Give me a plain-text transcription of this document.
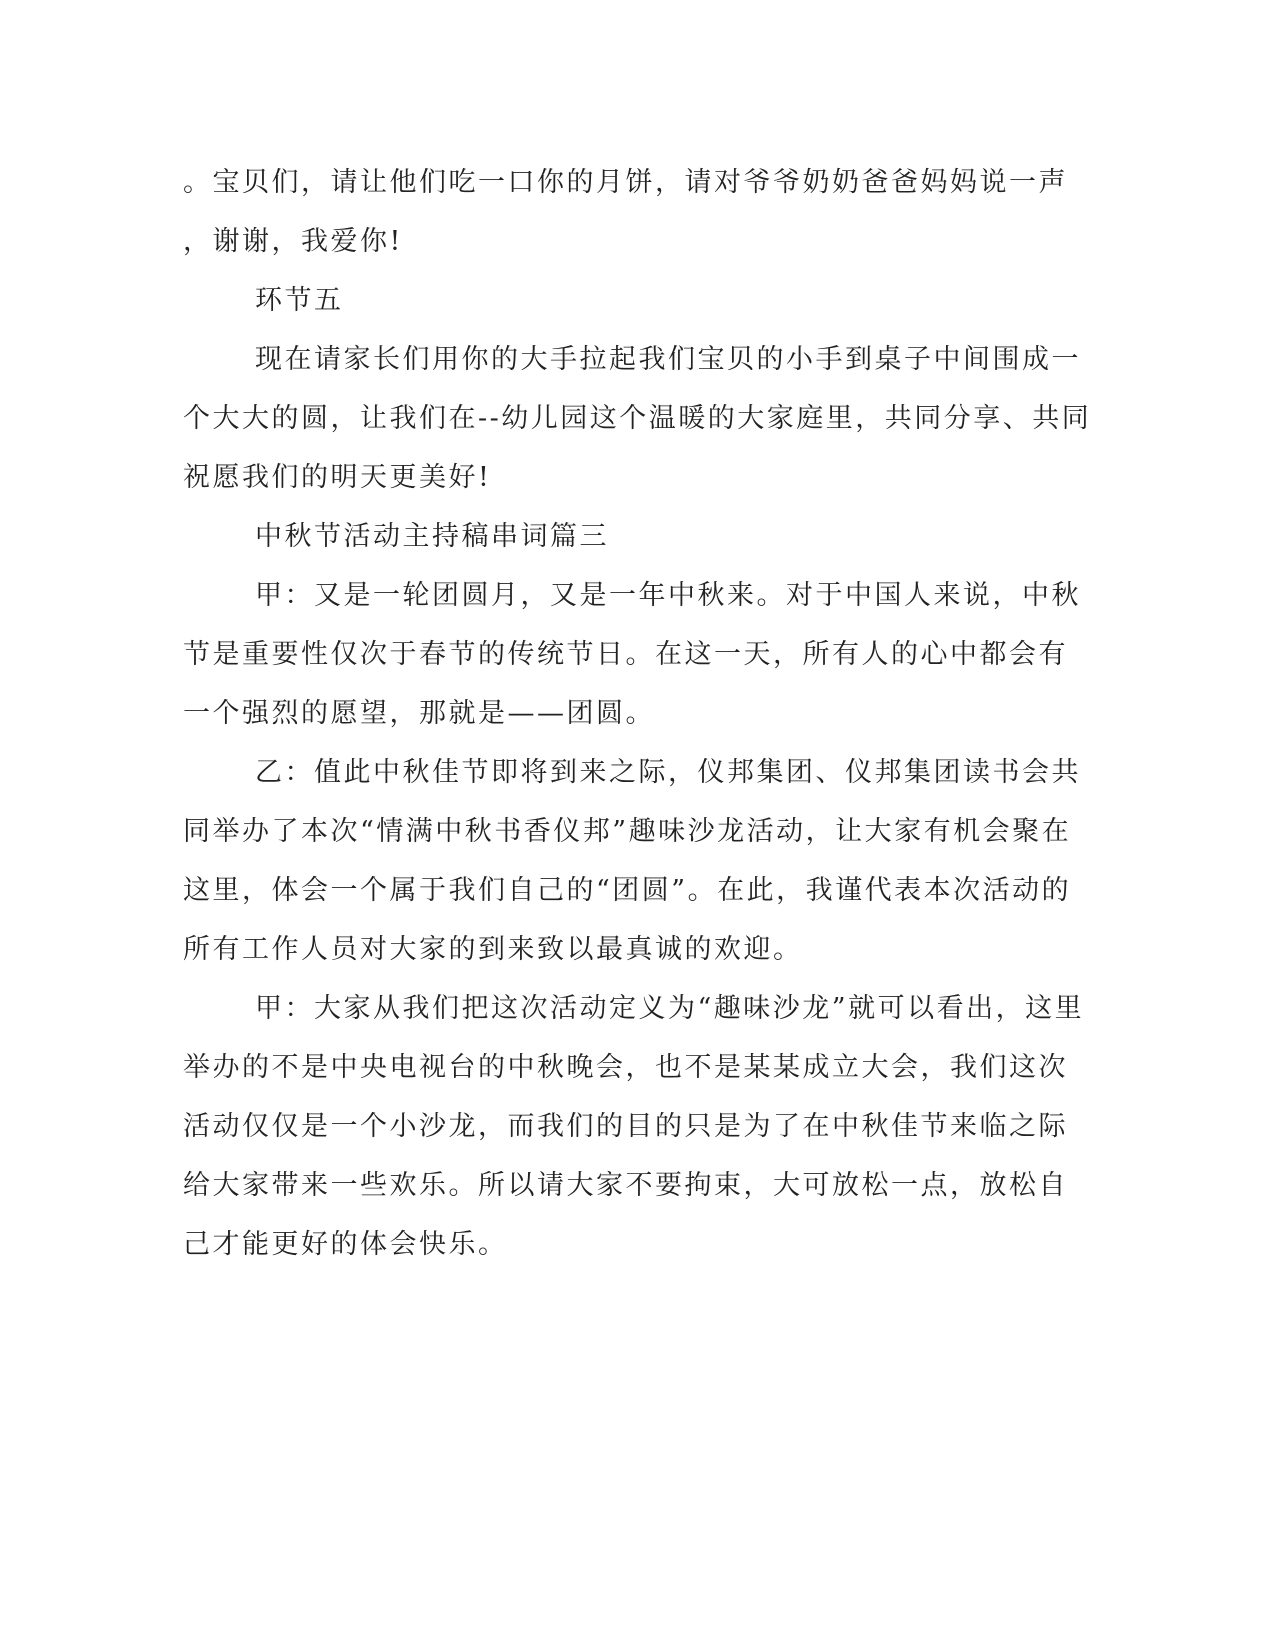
。宝贝们，请让他们吃一口你的月饼，请对爷爷奶奶爸爸妈妈说一声
，谢谢，我爱你!
环节五
现在请家长们用你的大手拉起我们宝贝的小手到桌子中间围成一
个大大的圆，让我们在--幼儿园这个温暖的大家庭里，共同分享、共同
祝愿我们的明天更美好!
中秋节活动主持稿串词篇三
甲：又是一轮团圆月，又是一年中秋来。对于中国人来说，中秋
节是重要性仅次于春节的传统节日。在这一天，所有人的心中都会有
一个强烈的愿望，那就是——团圆。
乙：值此中秋佳节即将到来之际，仪邦集团、仪邦集团读书会共
同举办了本次“情满中秋书香仪邦”趣味沙龙活动，让大家有机会聚在
这里，体会一个属于我们自己的“团圆”。在此，我谨代表本次活动的
所有工作人员对大家的到来致以最真诚的欢迎。
甲：大家从我们把这次活动定义为“趣味沙龙”就可以看出，这里
举办的不是中央电视台的中秋晚会，也不是某某成立大会，我们这次
活动仅仅是一个小沙龙，而我们的目的只是为了在中秋佳节来临之际
给大家带来一些欢乐。所以请大家不要拘束，大可放松一点，放松自
己才能更好的体会快乐。
